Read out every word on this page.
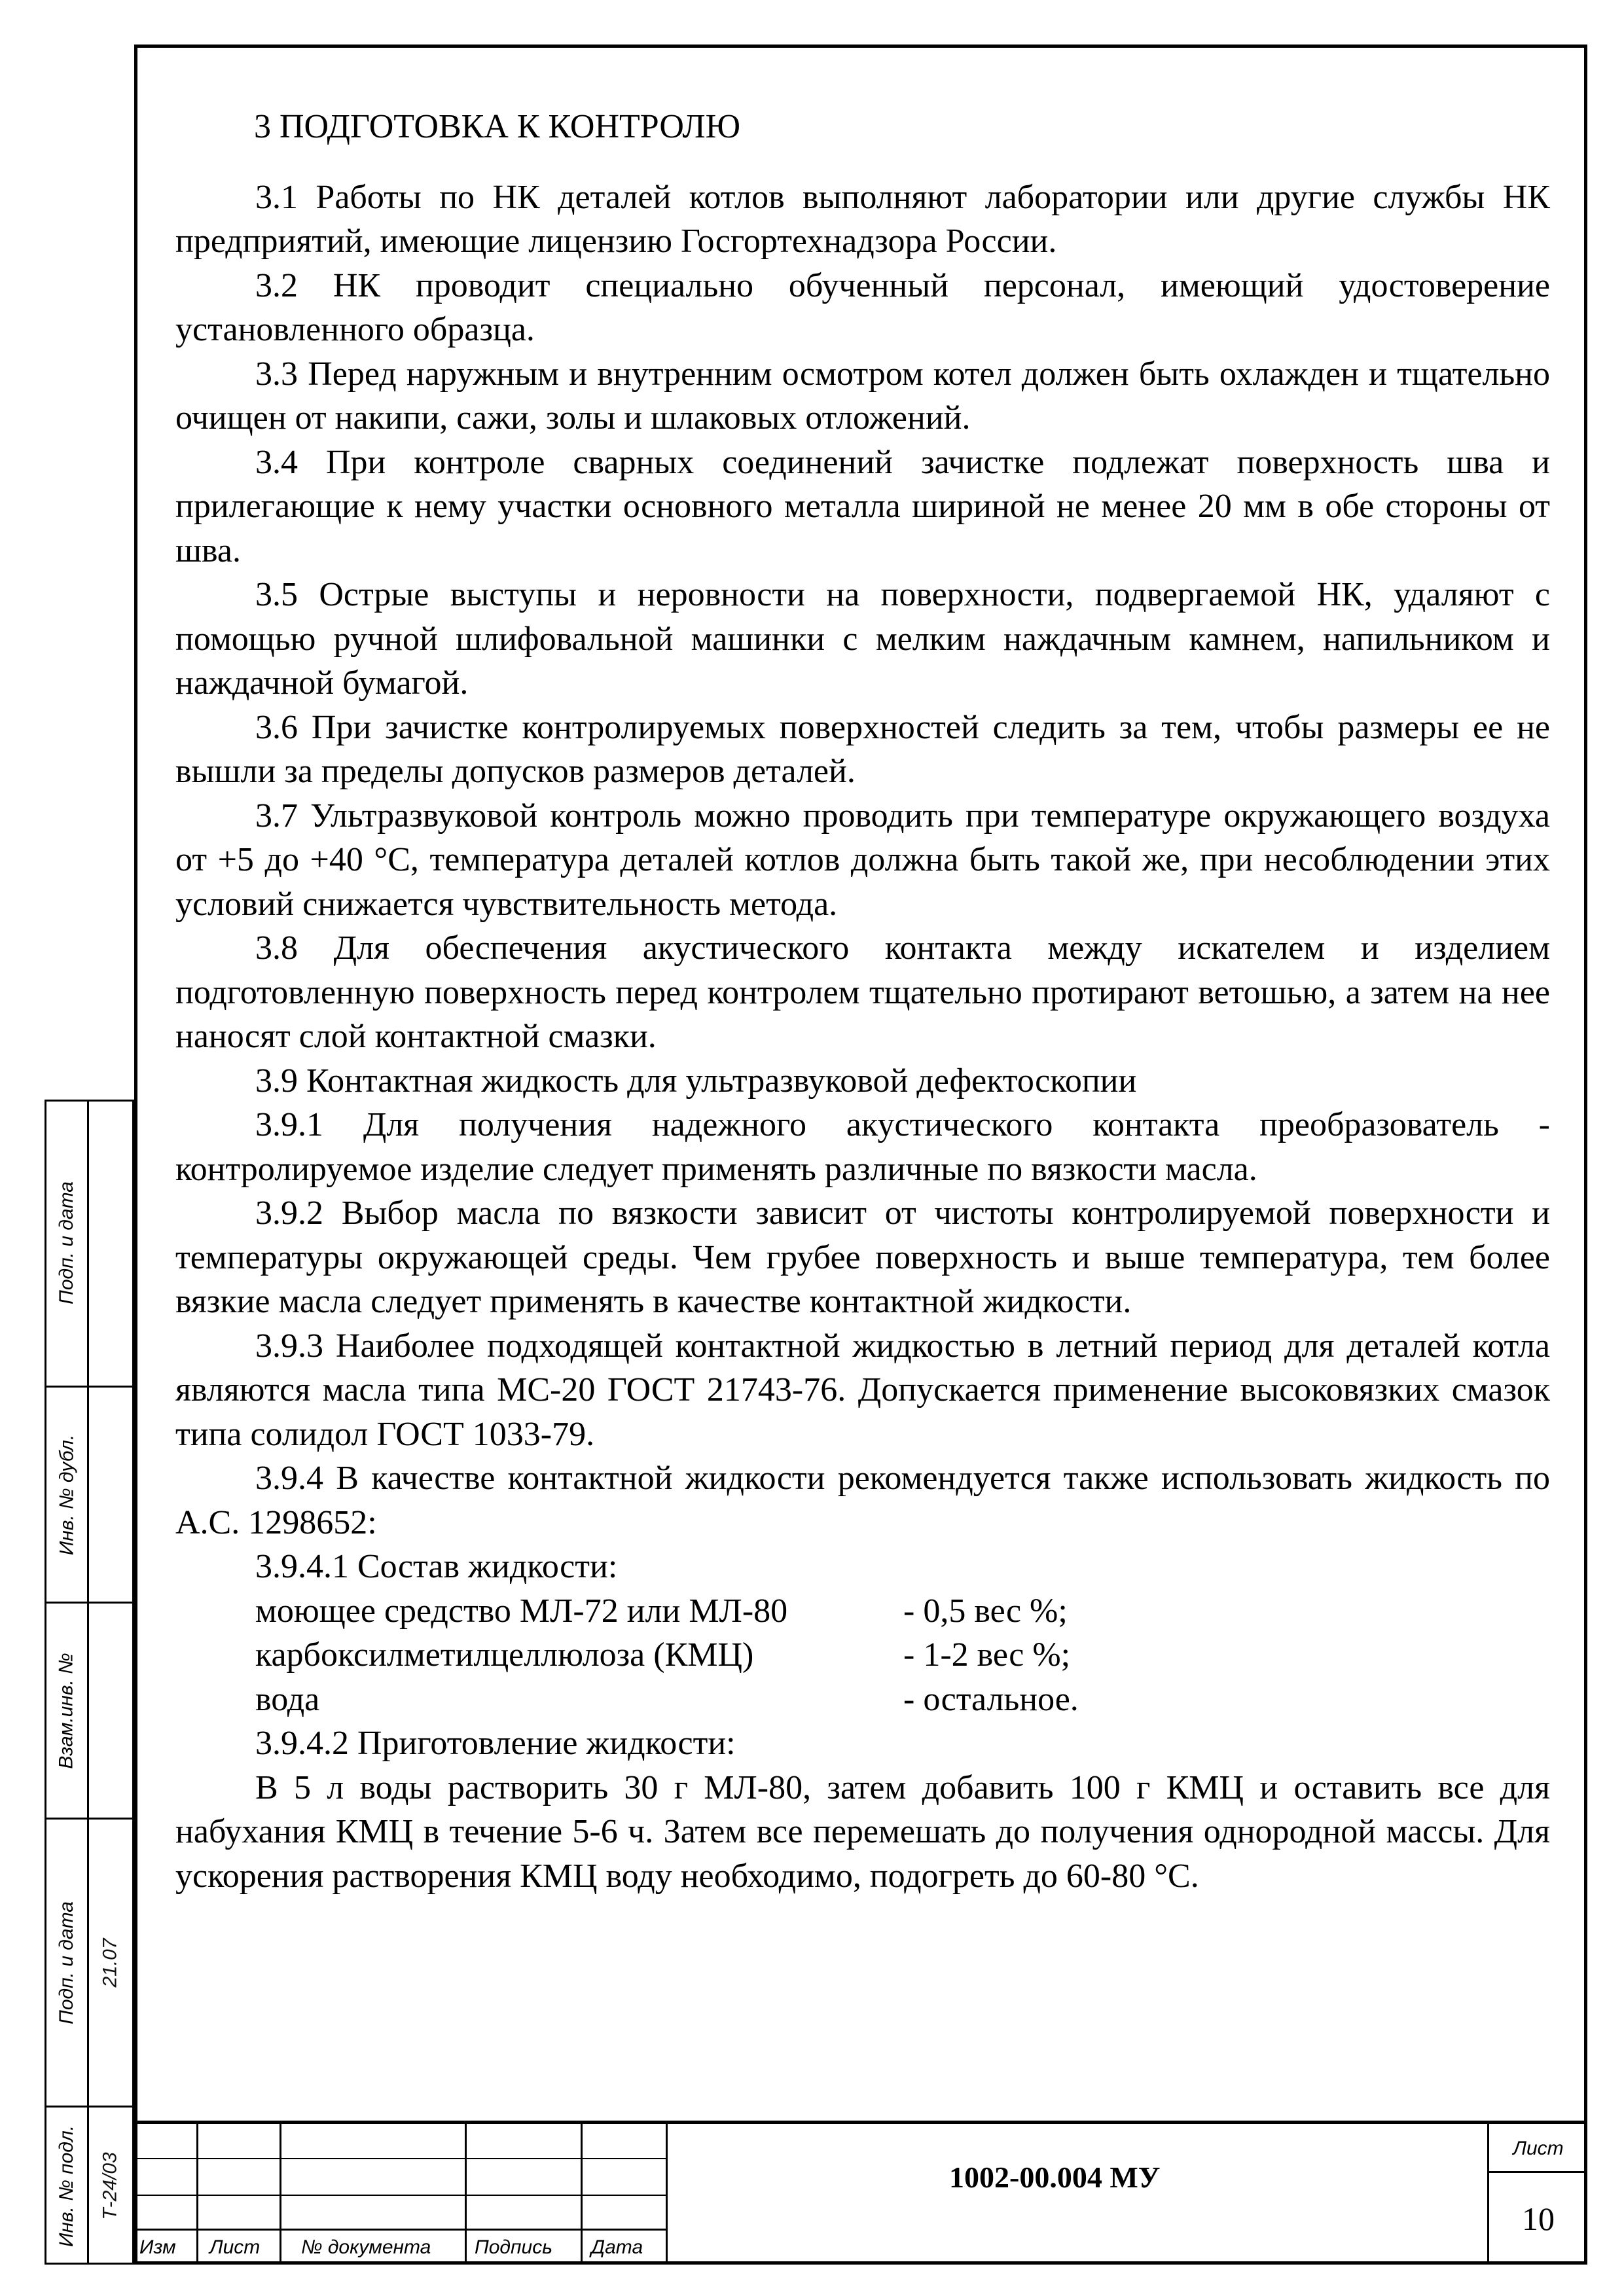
3 ПОДГОТОВКА К КОНТРОЛЮ

3.1 Работы по НК деталей котлов выполняют лаборатории или другие службы НК предприятий, имеющие лицензию Госгортехнадзора России.

3.2 НК проводит специально обученный персонал, имеющий удостоверение установленного образца.

3.3 Перед наружным и внутренним осмотром котел должен быть охлажден и тщательно очищен от накипи, сажи, золы и шлаковых отложений.

3.4 При контроле сварных соединений зачистке подлежат поверхность шва и прилегающие к нему участки основного металла шириной не менее 20 мм в обе стороны от шва.

3.5 Острые выступы и неровности на поверхности, подвергаемой НК, удаляют с помощью ручной шлифовальной машинки с мелким наждачным камнем, напильником и наждачной бумагой.

3.6 При зачистке контролируемых поверхностей следить за тем, чтобы размеры ее не вышли за пределы допусков размеров деталей.

3.7 Ультразвуковой контроль можно проводить при температуре окружающего воздуха от +5 до +40 °С, температура деталей котлов должна быть такой же, при несоблюдении этих условий снижается чувствительность метода.

3.8 Для обеспечения акустического контакта между искателем и изделием подготовленную поверхность перед контролем тщательно протирают ветошью, а затем на нее наносят слой контактной смазки.

3.9 Контактная жидкость для ультразвуковой дефектоскопии

3.9.1 Для получения надежного акустического контакта преобразователь - контролируемое изделие следует применять различные по вязкости масла.

3.9.2 Выбор масла по вязкости зависит от чистоты контролируемой поверхности и температуры окружающей среды. Чем грубее поверхность и выше температура, тем более вязкие масла следует применять в качестве контактной жидкости.

3.9.3 Наиболее подходящей контактной жидкостью в летний период для деталей котла являются масла типа МС-20 ГОСТ 21743-76. Допускается применение высоковязких смазок типа солидол ГОСТ 1033-79.

3.9.4 В качестве контактной жидкости рекомендуется также использовать жидкость по А.С. 1298652:

3.9.4.1 Состав жидкости:

моющее средство МЛ-72 или МЛ-80	- 0,5 вес %;
карбоксилметилцеллюлоза (КМЦ)	- 1-2 вес %;
вода	- остальное.

3.9.4.2 Приготовление жидкости:

В 5 л воды растворить 30 г МЛ-80, затем добавить 100 г КМЦ и оставить все для набухания КМЦ в течение 5-6 ч. Затем все перемешать до получения однородной массы. Для ускорения растворения КМЦ воду необходимо, подогреть до 60-80 °С.

Подп. и дата
Инв. № дубл.
Взам.инв. №
Подп. и дата
Инв. № подл.
21.07
Т-24/03
Изм Лист № документа Подпись Дата
1002-00.004 МУ
Лист
10
